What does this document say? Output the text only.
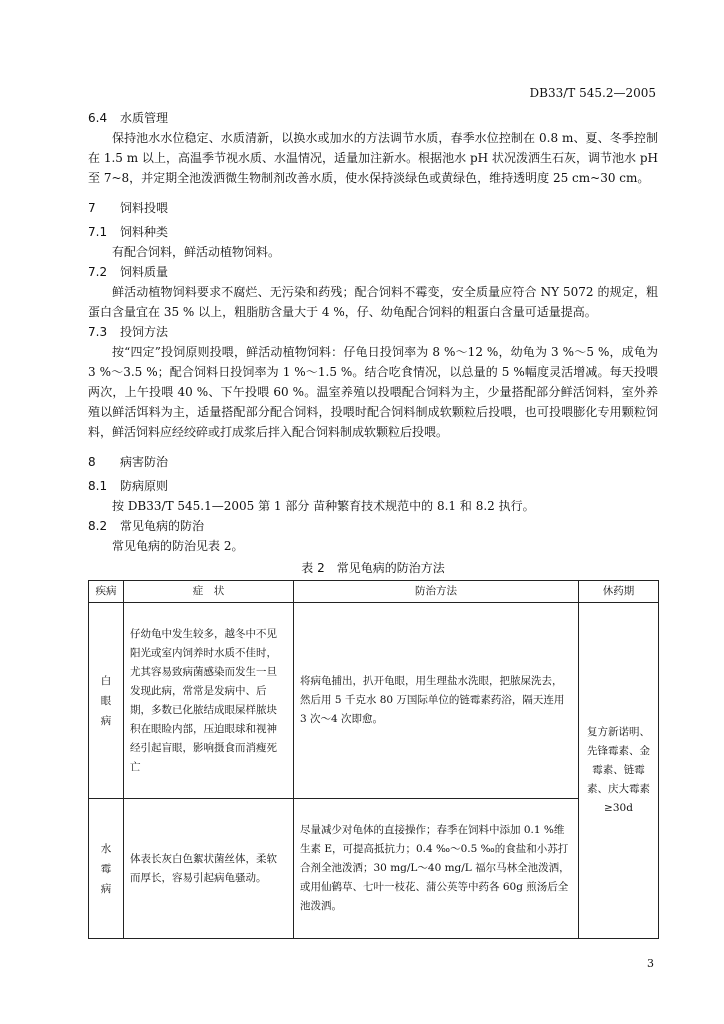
DB33/T 545.2—2005
6.4 水质管理

保持池水水位稳定、水质清新，以换水或加水的方法调节水质，春季水位控制在 0.8 m、夏、冬季控制在 1.5 m 以上，高温季节视水质、水温情况，适量加注新水。根据池水 pH 状况泼洒生石灰，调节池水 pH 至 7~8，并定期全池泼洒微生物制剂改善水质，使水保持淡绿色或黄绿色，维持透明度 25 cm~30 cm。

7 饲料投喂
7.1 饲料种类

有配合饲料，鲜活动植物饲料。

7.2 饲料质量

鲜活动植物饲料要求不腐烂、无污染和药残；配合饲料不霉变，安全质量应符合 NY 5072 的规定，粗蛋白含量宜在 35 % 以上，粗脂肪含量大于 4 %，仔、幼龟配合饲料的粗蛋白含量可适量提高。

7.3 投饲方法

按“四定”投饲原则投喂，鲜活动植物饲料：仔龟日投饲率为 8 %～12 %，幼龟为 3 %～5 %，成龟为 3 %～3.5 %；配合饲料日投饲率为 1 %～1.5 %。结合吃食情况，以总量的 5 %幅度灵活增减。每天投喂两次，上午投喂 40 %、下午投喂 60 %。温室养殖以投喂配合饲料为主，少量搭配部分鲜活饲料，室外养殖以鲜活饵料为主，适量搭配部分配合饲料，投喂时配合饲料制成软颗粒后投喂，也可投喂膨化专用颗粒饲料，鲜活饲料应经绞碎或打成浆后拌入配合饲料制成软颗粒后投喂。

8 病害防治
8.1 防病原则

按 DB33/T 545.1—2005 第 1 部分 苗种繁育技术规范中的 8.1 和 8.2 执行。

8.2 常见龟病的防治

常见龟病的防治见表 2。

表 2　常见龟病的防治方法
疾病	症　状	防治方法	休药期

白眼病	仔幼龟中发生较多，越冬中不见阳光或室内饲养时水质不佳时，尤其容易致病菌感染而发生一旦发现此病，常常是发病中、后期，多数已化脓结成眼屎样脓块积在眼睑内部，压迫眼球和视神经引起盲眼，影响摄食而消瘦死亡	将病龟捕出，扒开龟眼，用生理盐水洗眼，把脓屎洗去，然后用 5 千克水 80 万国际单位的链霉素药浴，隔天连用 3 次～4 次即愈。	复方新诺明、先锋霉素、金霉素、链霉素、庆大霉素
≥30d

水霉病	体表长灰白色絮状菌丝体，柔软而厚长，容易引起病龟骚动。	尽量减少对龟体的直接操作；春季在饲料中添加 0.1 %维生素 E，可提高抵抗力；0.4 ‰～0.5 ‰的食盐和小苏打合剂全池泼洒；30 mg/L～40 mg/L 福尔马林全池泼洒，或用仙鹤草、七叶一枝花、蒲公英等中药各 60g 煎汤后全池泼洒。	
3
